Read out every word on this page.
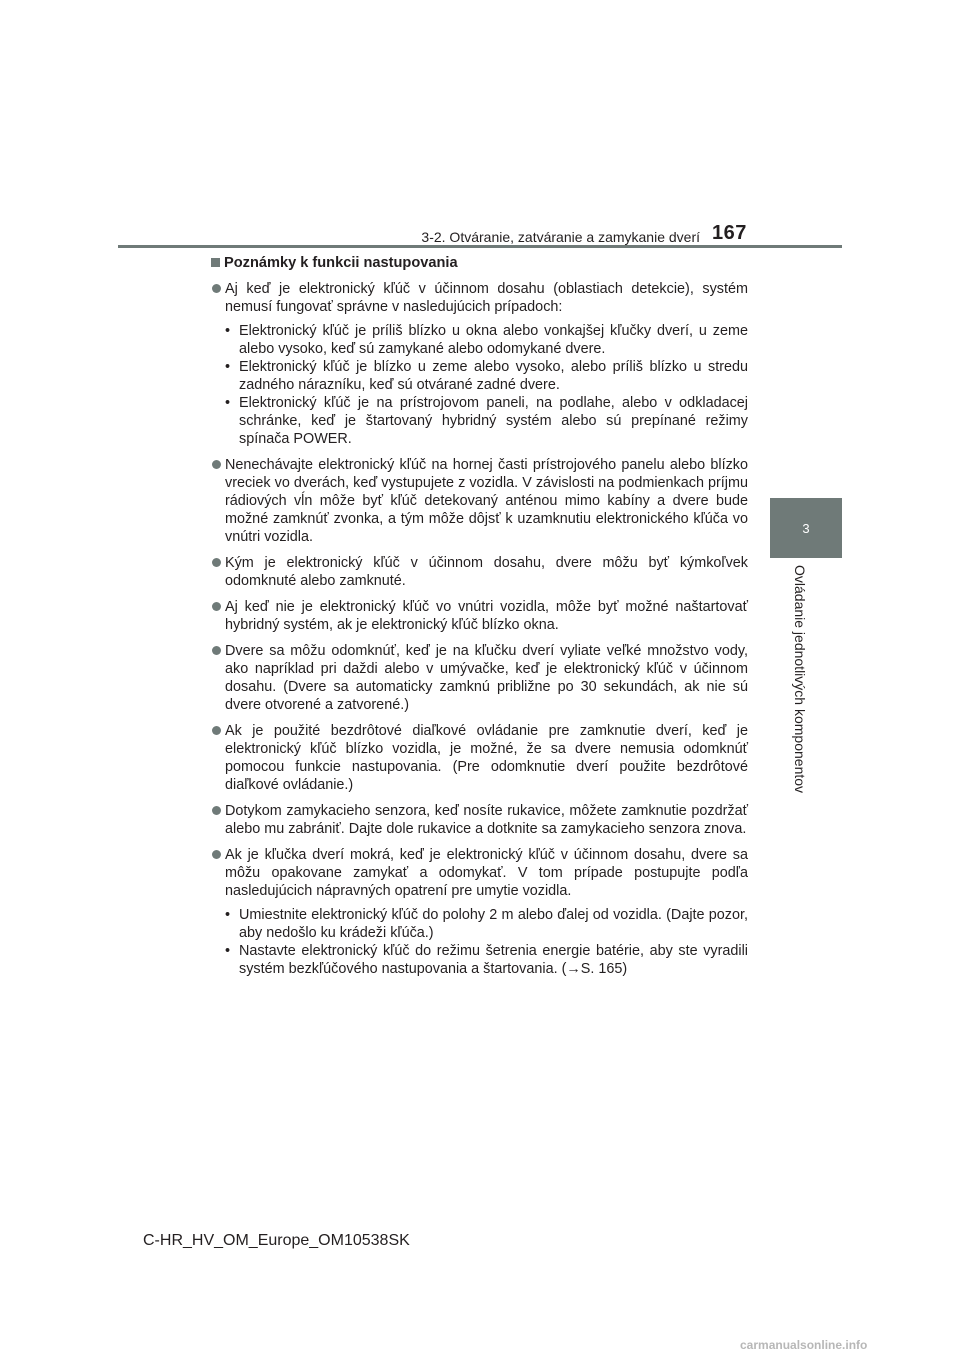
3-2. Otváranie, zatváranie a zamykanie dverí 167
3
Ovládanie jednotlivých komponentov
Poznámky k funkcii nastupovania
Aj keď je elektronický kľúč v účinnom dosahu (oblastiach detekcie), systém nemusí fungovať správne v nasledujúcich prípadoch:
• Elektronický kľúč je príliš blízko u okna alebo vonkajšej kľučky dverí, u zeme alebo vysoko, keď sú zamykané alebo odomykané dvere.
• Elektronický kľúč je blízko u zeme alebo vysoko, alebo príliš blízko u stredu zadného nárazníku, keď sú otvárané zadné dvere.
• Elektronický kľúč je na prístrojovom paneli, na podlahe, alebo v odkladacej schránke, keď je štartovaný hybridný systém alebo sú prepínané režimy spínača POWER.
Nenechávajte elektronický kľúč na hornej časti prístrojového panelu alebo blízko vreciek vo dverách, keď vystupujete z vozidla. V závislosti na podmienkach príjmu rádiových vĺn môže byť kľúč detekovaný anténou mimo kabíny a dvere bude možné zamknúť zvonka, a tým môže dôjsť k uzamknutiu elektronického kľúča vo vnútri vozidla.
Kým je elektronický kľúč v účinnom dosahu, dvere môžu byť kýmkoľvek odomknuté alebo zamknuté.
Aj keď nie je elektronický kľúč vo vnútri vozidla, môže byť možné naštartovať hybridný systém, ak je elektronický kľúč blízko okna.
Dvere sa môžu odomknúť, keď je na kľučku dverí vyliate veľké množstvo vody, ako napríklad pri daždi alebo v umývačke, keď je elektronický kľúč v účinnom dosahu. (Dvere sa automaticky zamknú približne po 30 sekundách, ak nie sú dvere otvorené a zatvorené.)
Ak je použité bezdrôtové diaľkové ovládanie pre zamknutie dverí, keď je elektronický kľúč blízko vozidla, je možné, že sa dvere nemusia odomknúť pomocou funkcie nastupovania. (Pre odomknutie dverí použite bezdrôtové diaľkové ovládanie.)
Dotykom zamykacieho senzora, keď nosíte rukavice, môžete zamknutie pozdržať alebo mu zabrániť. Dajte dole rukavice a dotknite sa zamykacieho senzora znova.
Ak je kľučka dverí mokrá, keď je elektronický kľúč v účinnom dosahu, dvere sa môžu opakovane zamykať a odomykať. V tom prípade postupujte podľa nasledujúcich nápravných opatrení pre umytie vozidla.
• Umiestnite elektronický kľúč do polohy 2 m alebo ďalej od vozidla. (Dajte pozor, aby nedošlo ku krádeži kľúča.)
• Nastavte elektronický kľúč do režimu šetrenia energie batérie, aby ste vyradili systém bezkľúčového nastupovania a štartovania. (→S. 165)
C-HR_HV_OM_Europe_OM10538SK
carmanualsonline.info
